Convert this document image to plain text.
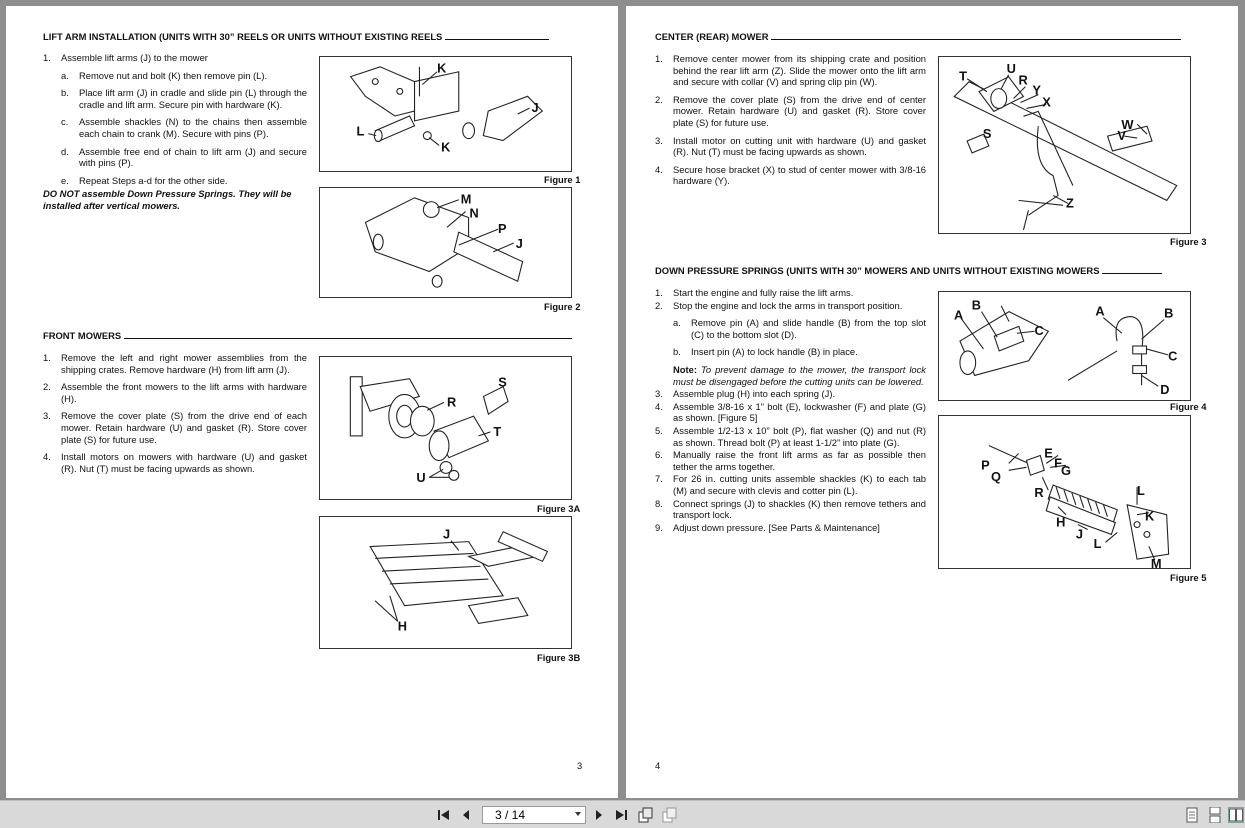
LIFT ARM INSTALLATION (UNITS WITH 30” REELS OR UNITS WITHOUT EXISTING REELS
1. Assemble lift arms (J) to the mower
a. Remove nut and bolt (K) then remove pin (L).
b. Place lift arm (J) in cradle and slide pin (L) through the cradle and lift arm. Secure pin with hardware (K).
c. Assemble shackles (N) to the chains then assemble each chain to crank (M). Secure with pins (P).
d. Assemble free end of chain to lift arm (J) and secure with pins (P).
e. Repeat Steps a-d for the other side.
DO NOT assemble Down Pressure Springs. They will be installed after vertical mowers.
K
J
L
K
Figure 1
M
N
P
J
Figure 2
FRONT MOWERS
1. Remove the left and right mower assemblies from the shipping crates. Remove hardware (H) from lift arm (J).
2. Assemble the front mowers to the lift arms with hardware (H).
3. Remove the cover plate (S) from the drive end of each mower. Retain hardware (U) and gasket (R). Store cover plate (S) for future use.
4. Install motors on mowers with hardware (U) and gasket (R). Nut (T) must be facing upwards as shown.
S
R
T
U
Figure 3A
J
H
Figure 3B
3
CENTER (REAR) MOWER
1. Remove center mower from its shipping crate and position behind the rear lift arm (Z). Slide the mower onto the lift arm and secure with collar (V) and spring clip pin (W).
2. Remove the cover plate (S) from the drive end of center mower. Retain hardware (U) and gasket (R). Store cover plate (S) for future use.
3. Install motor on cutting unit with hardware (U) and gasket (R). Nut (T) must be facing upwards as shown.
4. Secure hose bracket (X) to stud of center mower with 3/8-16 hardware (Y).
T
U
R
Y
X
S
W
V
Z
Figure 3
DOWN PRESSURE SPRINGS (UNITS WITH 30” MOWERS AND UNITS WITHOUT EXISTING MOWERS
1. Start the engine and fully raise the lift arms.
2. Stop the engine and lock the arms in transport position.
a. Remove pin (A) and slide handle (B) from the top slot (C) to the bottom slot (D).
b. Insert pin (A) to lock handle (B) in place.
Note: To prevent damage to the mower, the transport lock must be disengaged before the cutting units can be lowered.
3. Assemble plug (H) into each spring (J).
4. Assemble 3/8-16 x 1” bolt (E), lockwasher (F) and plate (G) as shown. [Figure 5]
5. Assemble 1/2-13 x 10” bolt (P), flat washer (Q) and nut (R) as shown. Thread bolt (P) at least 1-1/2” into plate (G).
6. Manually raise the front lift arms as far as possible then tether the arms together.
7. For 26 in. cutting units assemble shackles (K) to each tab (M) and secure with clevis and cotter pin (L).
8. Connect springs (J) to shackles (K) then remove tethers and transport lock.
9. Adjust down pressure. [See Parts & Maintenance]
A
B
C
A	B
C
D
Figure 4
E
P	F
G
Q
R	L
K
H
J
L
M
Figure 5
4
3 / 14
